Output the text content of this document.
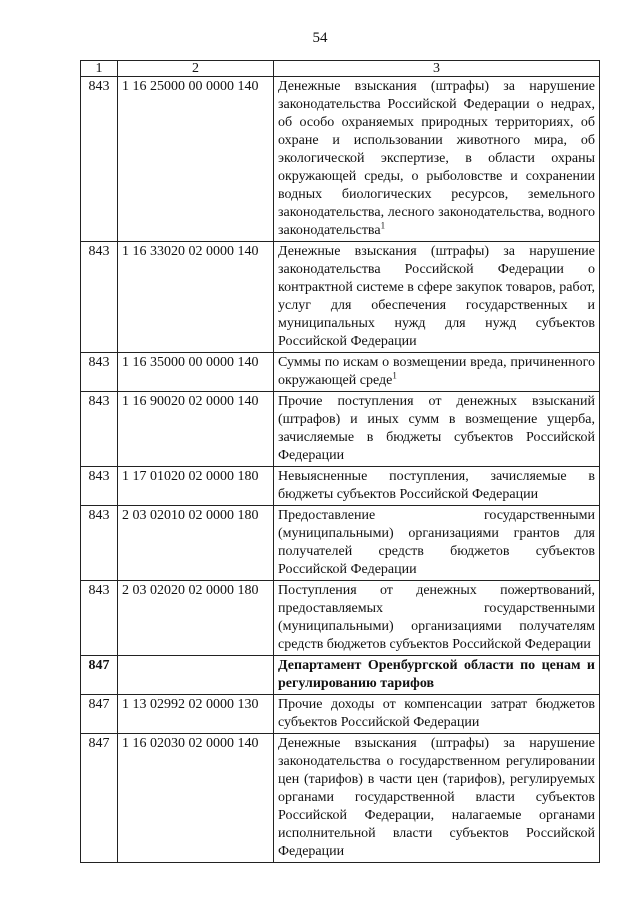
54
1	2	3
843	1 16 25000 00 0000 140	Денежные взыскания (штрафы) за нарушение законодательства Российской Федерации о недрах, об особо охраняемых природных территориях, об охране и использовании животного мира, об экологической экспертизе, в области охраны окружающей среды, о рыболовстве и сохранении водных биологических ресурсов, земельного законодательства, лесного законодательства, водного законодательства$^1$
843	1 16 33020 02 0000 140	Денежные взыскания (штрафы) за нарушение законодательства Российской Федерации о контрактной системе в сфере закупок товаров, работ, услуг для обеспечения государственных и муниципальных нужд для нужд субъектов Российской Федерации
843	1 16 35000 00 0000 140	Суммы по искам о возмещении вреда, причиненного окружающей среде$^1$
843	1 16 90020 02 0000 140	Прочие поступления от денежных взысканий (штрафов) и иных сумм в возмещение ущерба, зачисляемые в бюджеты субъектов Российской Федерации
843	1 17 01020 02 0000 180	Невыясненные поступления, зачисляемые в бюджеты субъектов Российской Федерации
843	2 03 02010 02 0000 180	Предоставление государственными (муниципальными) организациями грантов для получателей средств бюджетов субъектов Российской Федерации
843	2 03 02020 02 0000 180	Поступления от денежных пожертвований, предоставляемых государственными (муниципальными) организациями получателям средств бюджетов субъектов Российской Федерации
847		Департамент Оренбургской области по ценам и регулированию тарифов
847	1 13 02992 02 0000 130	Прочие доходы от компенсации затрат бюджетов субъектов Российской Федерации
847	1 16 02030 02 0000 140	Денежные взыскания (штрафы) за нарушение законодательства о государственном регулировании цен (тарифов) в части цен (тарифов), регулируемых органами государственной власти субъектов Российской Федерации, налагаемые органами исполнительной власти субъектов Российской Федерации
